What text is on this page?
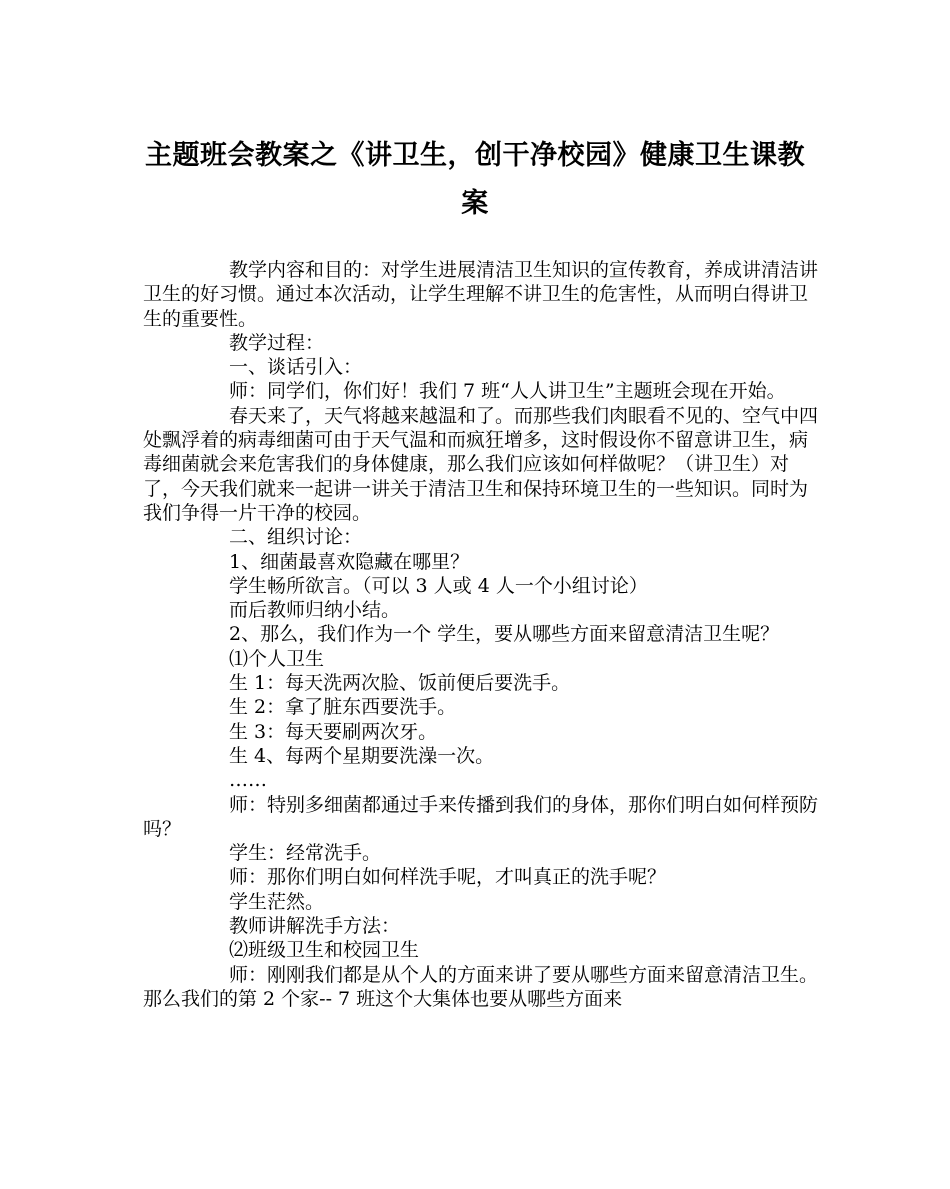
主题班会教案之《讲卫生，创干净校园》健康卫生课教
案

教学内容和目的：对学生进展清洁卫生知识的宣传教育，养成讲清洁讲卫生的好习惯。通过本次活动，让学生理解不讲卫生的危害性，从而明白得讲卫生的重要性。

教学过程：

一、谈话引入：

师：同学们，你们好！我们 7 班“人人讲卫生”主题班会现在开始。

春天来了，天气将越来越温和了。而那些我们肉眼看不见的、空气中四处飘浮着的病毒细菌可由于天气温和而疯狂增多，这时假设你不留意讲卫生，病毒细菌就会来危害我们的身体健康，那么我们应该如何样做呢？（讲卫生）对了，今天我们就来一起讲一讲关于清洁卫生和保持环境卫生的一些知识。同时为我们争得一片干净的校园。

二、组织讨论：

1、细菌最喜欢隐藏在哪里？

学生畅所欲言。（可以 3 人或 4 人一个小组讨论）

而后教师归纳小结。

2、那么，我们作为一个 学生，要从哪些方面来留意清洁卫生呢？

⑴个人卫生

生 1：每天洗两次脸、饭前便后要洗手。

生 2：拿了脏东西要洗手。

生 3：每天要刷两次牙。

生 4、每两个星期要洗澡一次。

……

师：特别多细菌都通过手来传播到我们的身体，那你们明白如何样预防吗？

学生：经常洗手。

师：那你们明白如何样洗手呢，才叫真正的洗手呢？

学生茫然。

教师讲解洗手方法：

⑵班级卫生和校园卫生

师：刚刚我们都是从个人的方面来讲了要从哪些方面来留意清洁卫生。那么我们的第 2 个家-- 7 班这个大集体也要从哪些方面来
